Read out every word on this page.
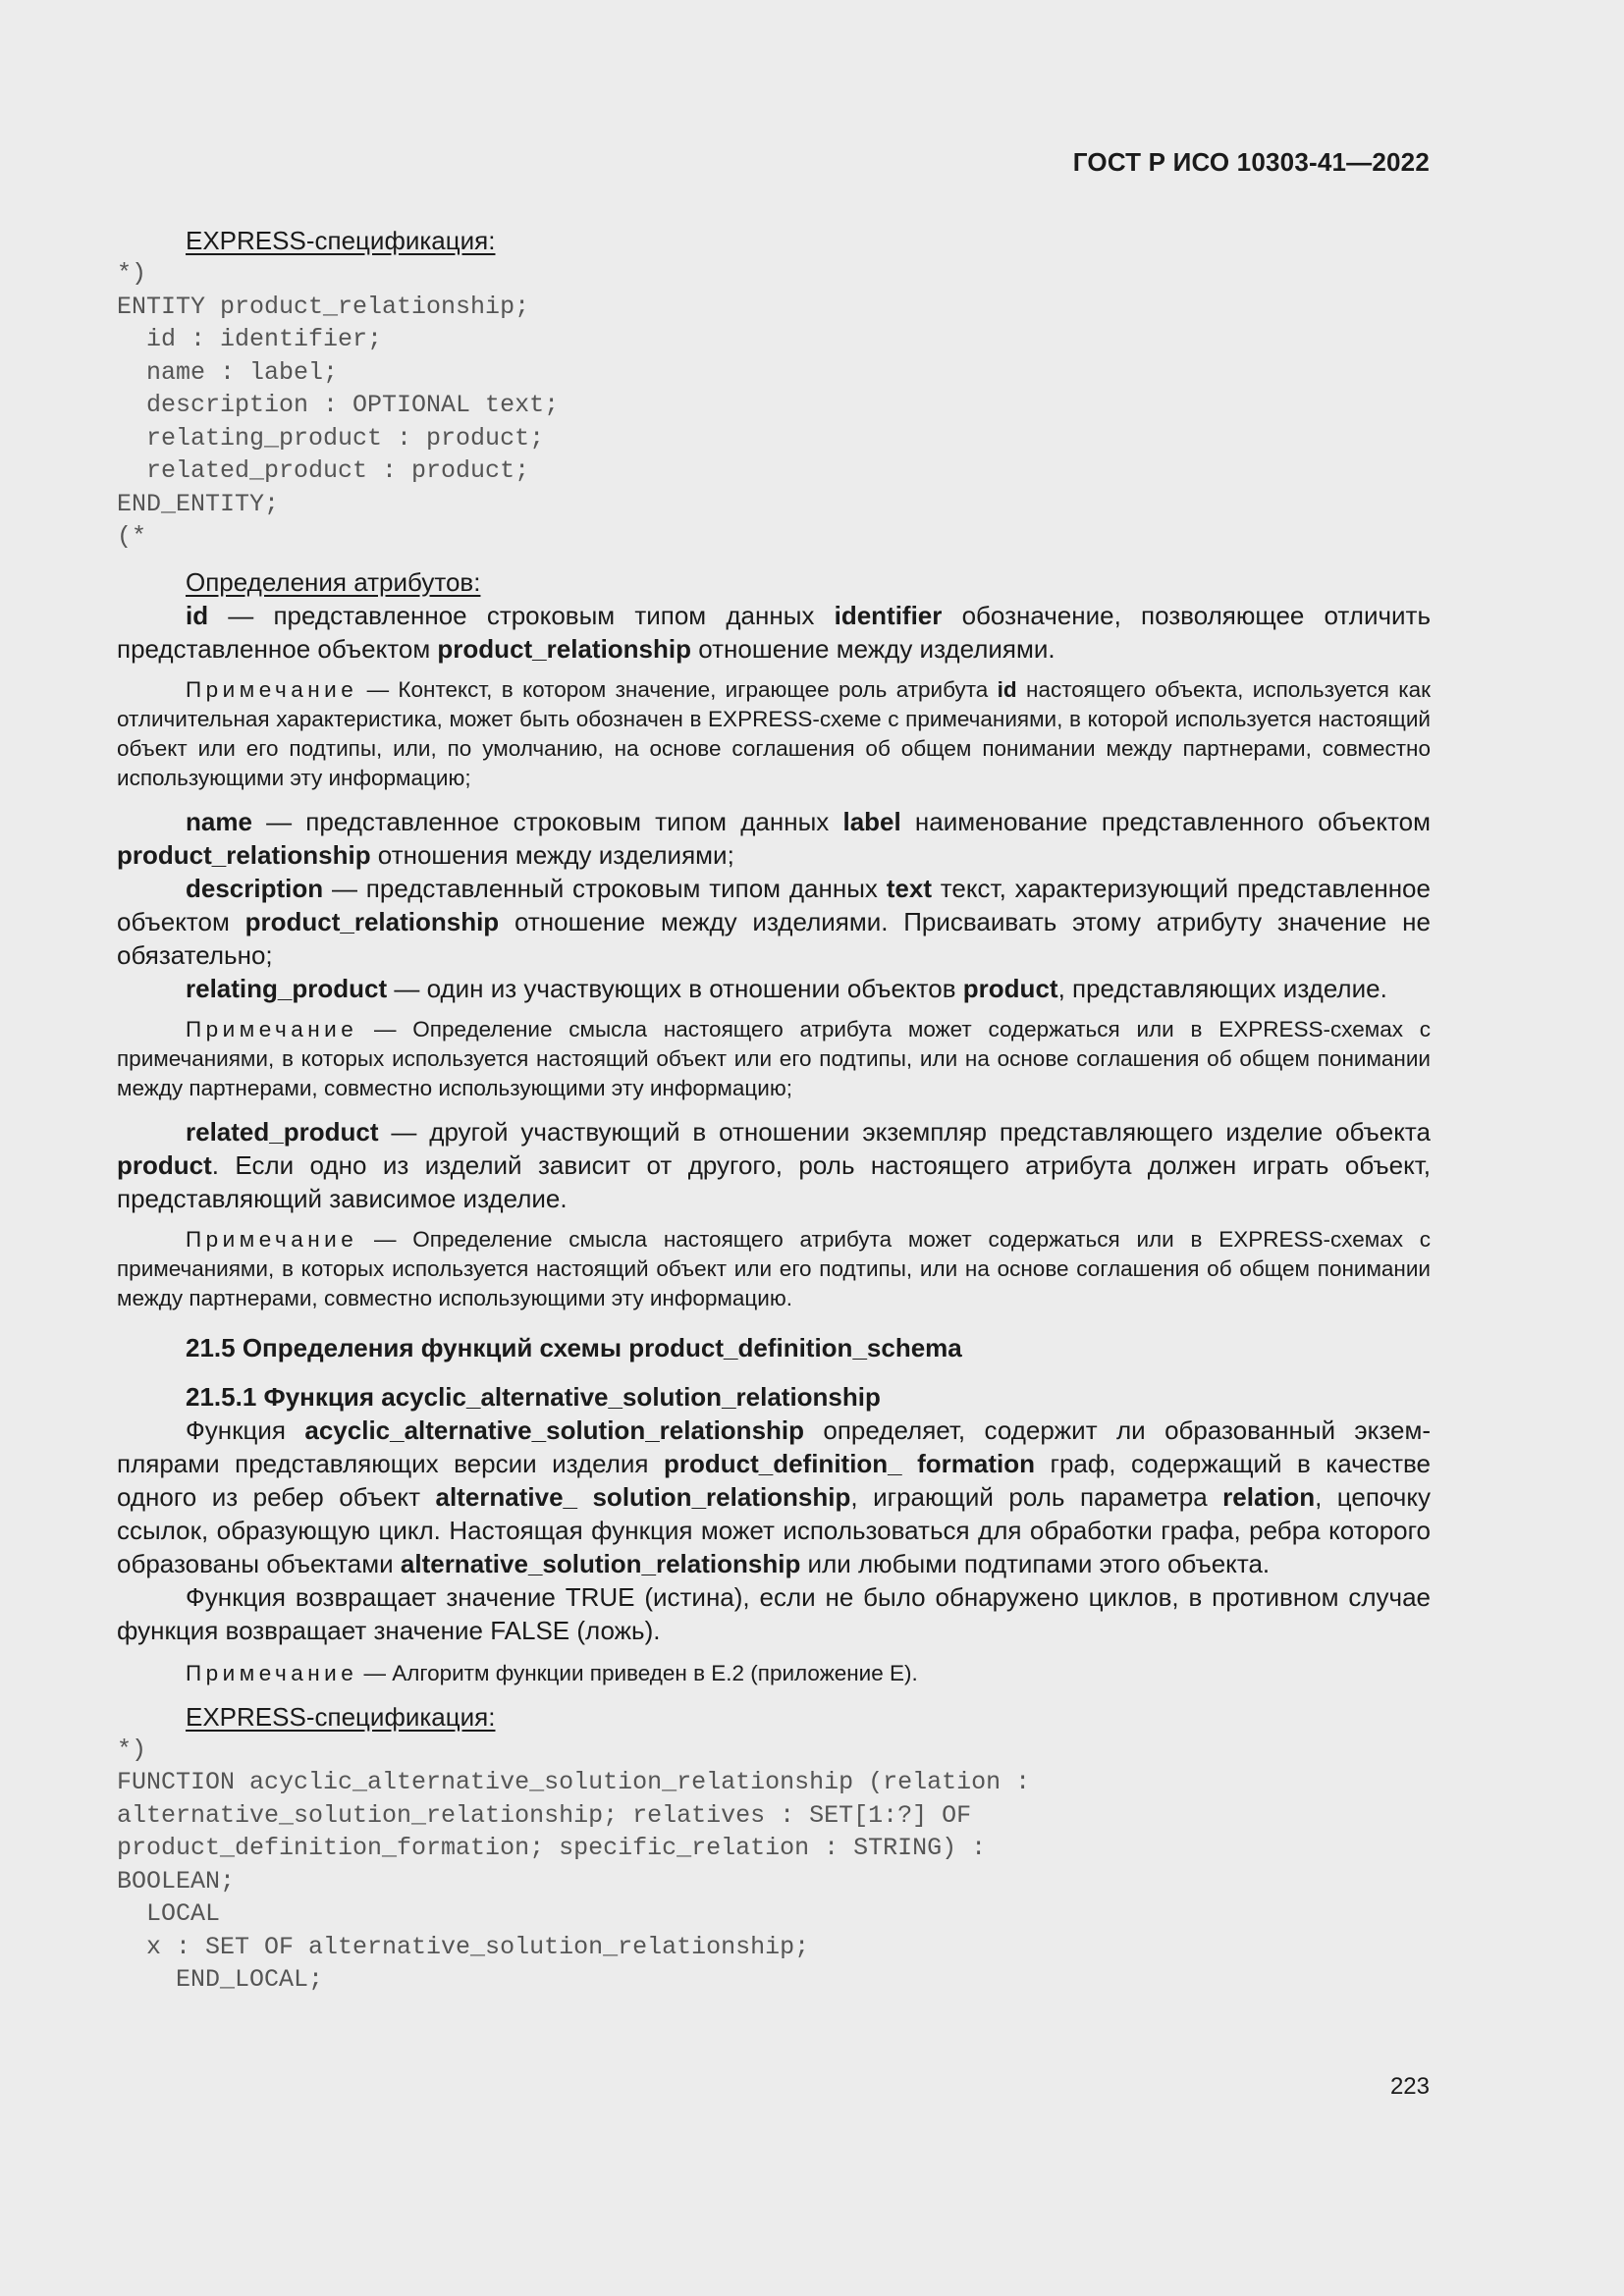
ГОСТ Р ИСО 10303-41—2022

EXPRESS-спецификация:

*)
ENTITY product_relationship;
id : identifier;
name : label;
description : OPTIONAL text;
relating_product : product;
related_product : product;
END_ENTITY;
(*

Определения атрибутов:

id — представленное строковым типом данных identifier обозначение, позволяющее отличить представленное объектом product_relationship отношение между изделиями.

Примечание — Контекст, в котором значение, играющее роль атрибута id настоящего объекта, используется как отличительная характеристика, может быть обозначен в EXPRESS-схеме с примечаниями, в которой используется настоящий объект или его подтипы, или, по умолчанию, на основе соглашения об общем понимании между партнерами, совместно использующими эту информацию;

name — представленное строковым типом данных label наименование представленного объектом product_relationship отношения между изделиями;

description — представленный строковым типом данных text текст, характеризующий представленное объектом product_relationship отношение между изделиями. Присваивать этому атрибуту значение не обязательно;

relating_product — один из участвующих в отношении объектов product, представляющих изделие.

Примечание — Определение смысла настоящего атрибута может содержаться или в EXPRESS-схемах с примечаниями, в которых используется настоящий объект или его подтипы, или на основе соглашения об общем понимании между партнерами, совместно использующими эту информацию;

related_product — другой участвующий в отношении экземпляр представляющего изделие объекта product. Если одно из изделий зависит от другого, роль настоящего атрибута должен играть объект, представляющий зависимое изделие.

Примечание — Определение смысла настоящего атрибута может содержаться или в EXPRESS-схемах с примечаниями, в которых используется настоящий объект или его подтипы, или на основе соглашения об общем понимании между партнерами, совместно использующими эту информацию.

21.5 Определения функций схемы product_definition_schema

21.5.1 Функция acyclic_alternative_solution_relationship

Функция acyclic_alternative_solution_relationship определяет, содержит ли образованный экземплярами представляющих версии изделия product_definition_ formation граф, содержащий в качестве одного из ребер объект alternative_ solution_relationship, играющий роль параметра relation, цепочку ссылок, образующую цикл. Настоящая функция может использоваться для обработки графа, ребра которого образованы объектами alternative_solution_relationship или любыми подтипами этого объекта.

Функция возвращает значение TRUE (истина), если не было обнаружено циклов, в противном случае функция возвращает значение FALSE (ложь).

Примечание — Алгоритм функции приведен в E.2 (приложение E).

EXPRESS-спецификация:

*)
FUNCTION acyclic_alternative_solution_relationship (relation :
alternative_solution_relationship; relatives : SET[1:?] OF
product_definition_formation; specific_relation : STRING) :
BOOLEAN;
LOCAL
x : SET OF alternative_solution_relationship;
END_LOCAL;
223
